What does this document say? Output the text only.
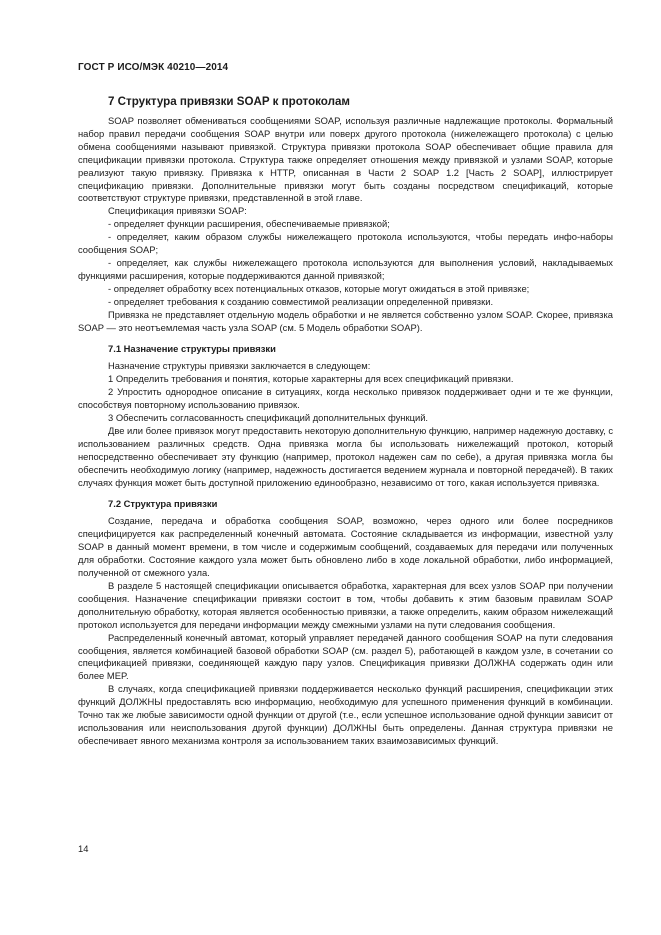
ГОСТ Р ИСО/МЭК 40210—2014
7 Структура привязки SOAP к протоколам

SOAP позволяет обмениваться сообщениями SOAP, используя различные надлежащие протоколы. Формальный набор правил передачи сообщения SOAP внутри или поверх другого протокола (нижележащего протокола) с целью обмена сообщениями называют привязкой. Структура привязки протокола SOAP обеспечивает общие правила для спецификации привязки протокола. Структура также определяет отношения между привязкой и узлами SOAP, которые реализуют такую привязку. Привязка к HTTP, описанная в Части 2 SOAP 1.2 [Часть 2 SOAP], иллюстрирует спецификацию привязки. Дополнительные привязки могут быть созданы посредством спецификаций, которые соответствуют структуре привязки, представленной в этой главе.

Спецификация привязки SOAP:

- определяет функции расширения, обеспечиваемые привязкой;

- определяет, каким образом службы нижележащего протокола используются, чтобы передать инфо-наборы сообщения SOAP;

- определяет, как службы нижележащего протокола используются для выполнения условий, накладываемых функциями расширения, которые поддерживаются данной привязкой;

- определяет обработку всех потенциальных отказов, которые могут ожидаться в этой привязке;

- определяет требования к созданию совместимой реализации определенной привязки.

Привязка не представляет отдельную модель обработки и не является собственно узлом SOAP. Скорее, привязка SOAP — это неотъемлемая часть узла SOAP (см. 5 Модель обработки SOAP).

7.1 Назначение структуры привязки

Назначение структуры привязки заключается в следующем:

1 Определить требования и понятия, которые характерны для всех спецификаций привязки.

2 Упростить однородное описание в ситуациях, когда несколько привязок поддерживает одни и те же функции, способствуя повторному использованию привязок.

3 Обеспечить согласованность спецификаций дополнительных функций.

Две или более привязок могут предоставить некоторую дополнительную функцию, например надежную доставку, с использованием различных средств. Одна привязка могла бы использовать нижележащий протокол, который непосредственно обеспечивает эту функцию (например, протокол надежен сам по себе), а другая привязка могла бы обеспечить необходимую логику (например, надежность достигается ведением журнала и повторной передачей). В таких случаях функция может быть доступной приложению единообразно, независимо от того, какая используется привязка.

7.2 Структура привязки

Создание, передача и обработка сообщения SOAP, возможно, через одного или более посредников специфицируется как распределенный конечный автомата. Состояние складывается из информации, известной узлу SOAP в данный момент времени, в том числе и содержимым сообщений, создаваемых для передачи или полученных для обработки. Состояние каждого узла может быть обновлено либо в ходе локальной обработки, либо информацией, полученной от смежного узла.

В разделе 5 настоящей спецификации описывается обработка, характерная для всех узлов SOAP при получении сообщения. Назначение спецификации привязки состоит в том, чтобы добавить к этим базовым правилам SOAP дополнительную обработку, которая является особенностью привязки, а также определить, каким образом нижележащий протокол используется для передачи информации между смежными узлами на пути следования сообщения.

Распределенный конечный автомат, который управляет передачей данного сообщения SOAP на пути следования сообщения, является комбинацией базовой обработки SOAP (см. раздел 5), работающей в каждом узле, в сочетании со спецификацией привязки, соединяющей каждую пару узлов. Спецификация привязки ДОЛЖНА содержать один или более MEP.

В случаях, когда спецификацией привязки поддерживается несколько функций расширения, спецификации этих функций ДОЛЖНЫ предоставлять всю информацию, необходимую для успешного применения функций в комбинации. Точно так же любые зависимости одной функции от другой (т.е., если успешное использование одной функции зависит от использования или неиспользования другой функции) ДОЛЖНЫ быть определены. Данная структура привязки не обеспечивает явного механизма контроля за использованием таких взаимозависимых функций.

14
